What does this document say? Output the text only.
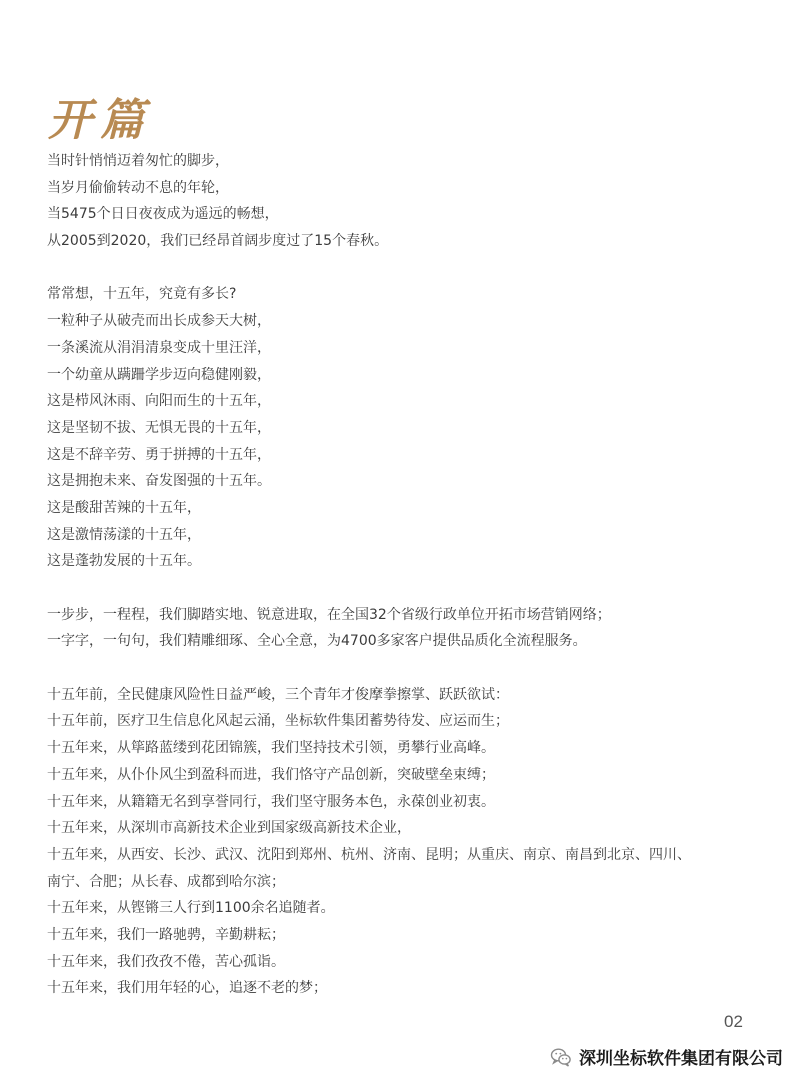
开篇
当时针悄悄迈着匆忙的脚步，
当岁月偷偷转动不息的年轮，
当5475个日日夜夜成为遥远的畅想，
从2005到2020，我们已经昂首阔步度过了15个春秋。
常常想，十五年，究竟有多长?
一粒种子从破壳而出长成参天大树，
一条溪流从涓涓清泉变成十里汪洋，
一个幼童从蹒跚学步迈向稳健刚毅，
这是栉风沐雨、向阳而生的十五年，
这是坚韧不拔、无惧无畏的十五年，
这是不辞辛劳、勇于拼搏的十五年，
这是拥抱未来、奋发图强的十五年。
这是酸甜苦辣的十五年，
这是激情荡漾的十五年，
这是蓬勃发展的十五年。
一步步，一程程，我们脚踏实地、锐意进取，在全国32个省级行政单位开拓市场营销网络；
一字字，一句句，我们精雕细琢、全心全意，为4700多家客户提供品质化全流程服务。
十五年前，全民健康风险性日益严峻，三个青年才俊摩拳擦掌、跃跃欲试：
十五年前，医疗卫生信息化风起云涌，坐标软件集团蓄势待发、应运而生；
十五年来，从筚路蓝缕到花团锦簇，我们坚持技术引领，勇攀行业高峰。
十五年来，从仆仆风尘到盈科而进，我们恪守产品创新，突破壁垒束缚；
十五年来，从籍籍无名到享誉同行，我们坚守服务本色，永葆创业初衷。
十五年来，从深圳市高新技术企业到国家级高新技术企业，
十五年来，从西安、长沙、武汉、沈阳到郑州、杭州、济南、昆明；从重庆、南京、南昌到北京、四川、
南宁、合肥；从长春、成都到哈尔滨；
十五年来，从铿锵三人行到1100余名追随者。
十五年来，我们一路驰骋，辛勤耕耘；
十五年来，我们孜孜不倦，苦心孤诣。
十五年来，我们用年轻的心，追逐不老的梦；
02
深圳坐标软件集团有限公司
